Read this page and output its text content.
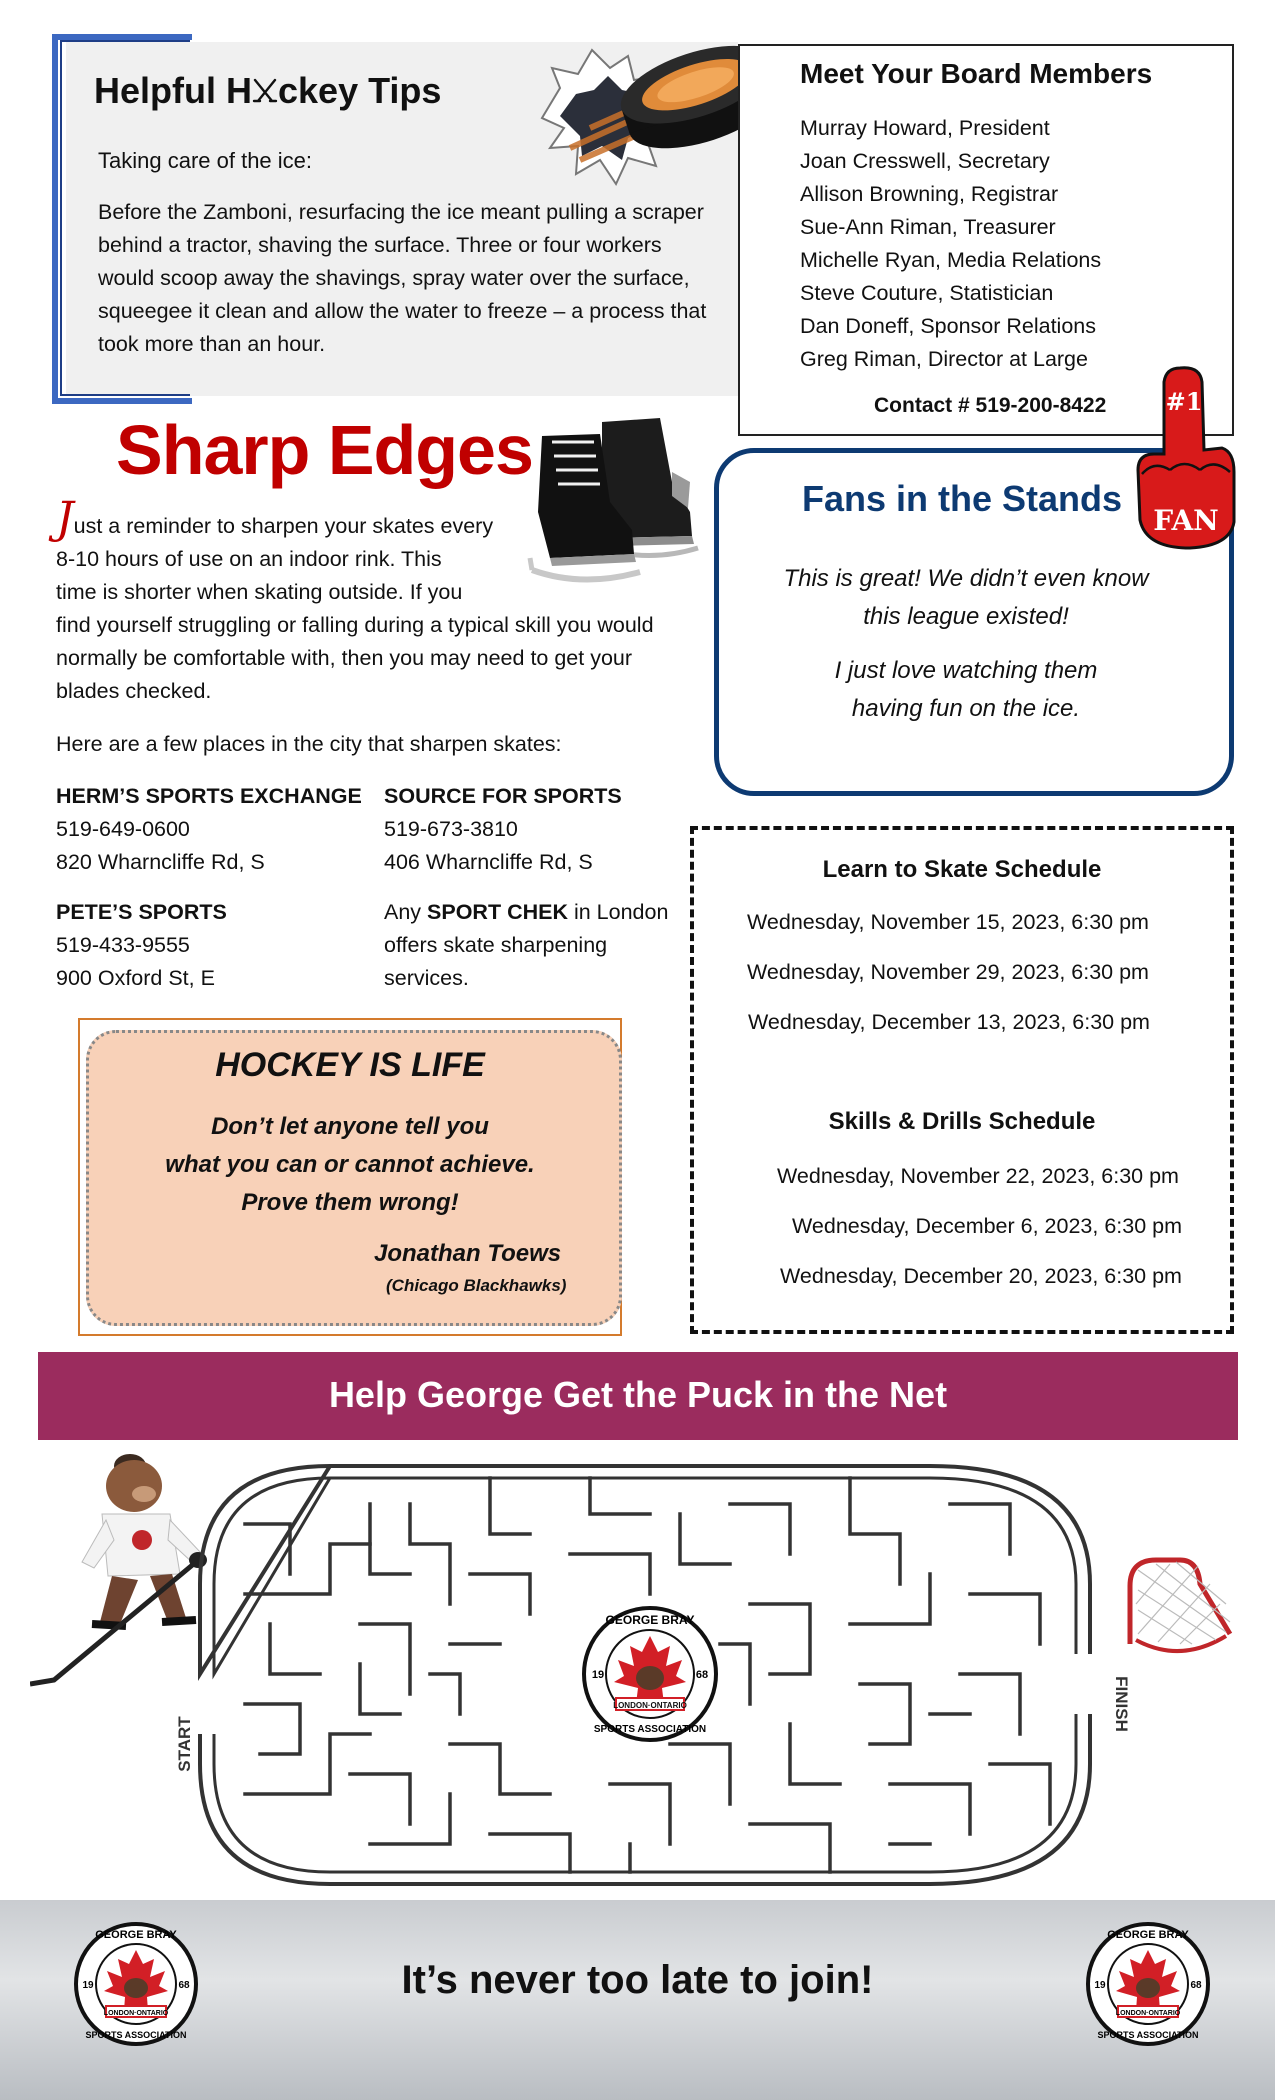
Helpful H ckey Tips
Taking care of the ice:
Before the Zamboni, resurfacing the ice meant pulling a scraper behind a tractor, shaving the surface. Three or four workers would scoop away the shavings, spray water over the surface, squeegee it clean and allow the water to freeze – a process that took more than an hour.
Meet Your Board Members
Murray Howard, President
Joan Cresswell, Secretary
Allison Browning, Registrar
Sue-Ann Riman, Treasurer
Michelle Ryan, Media Relations
Steve Couture, Statistician
Dan Doneff, Sponsor Relations
Greg Riman, Director at Large
Contact # 519-200-8422
Sharp Edges
Just a reminder to sharpen your skates every
8-10 hours of use on an indoor rink. This
time is shorter when skating outside. If you
find yourself struggling or falling during a typical skill you would
normally be comfortable with, then you may need to get your
blades checked.
Here are a few places in the city that sharpen skates:
HERM’S SPORTS EXCHANGE
519-649-0600
820 Wharncliffe Rd, S
SOURCE FOR SPORTS
519-673-3810
406 Wharncliffe Rd, S
PETE’S SPORTS
519-433-9555
900 Oxford St, E
Any SPORT CHEK in London
offers skate sharpening
services.
Fans in the Stands
This is great! We didn’t even know
this league existed!
I just love watching them
having fun on the ice.
#1
FAN
Learn to Skate Schedule
Wednesday, November 15, 2023, 6:30 pm
Wednesday, November 29, 2023, 6:30 pm
Wednesday, December 13, 2023, 6:30 pm
Skills & Drills Schedule
Wednesday, November 22, 2023, 6:30 pm
Wednesday, December 6, 2023, 6:30 pm
Wednesday, December 20, 2023, 6:30 pm
HOCKEY IS LIFE
Don’t let anyone tell you
what you can or cannot achieve.
Prove them wrong!
Jonathan Toews
(Chicago Blackhawks)
Help George Get the Puck in the Net
START
FINISH
LONDON·ONTARIO
19	68
GEORGE BRAY
SPORTS ASSOCIATION
It’s never too late to join!
LONDON·ONTARIO
19	68
GEORGE BRAY
SPORTS ASSOCIATION
LONDON·ONTARIO
19	68
GEORGE BRAY
SPORTS ASSOCIATION
